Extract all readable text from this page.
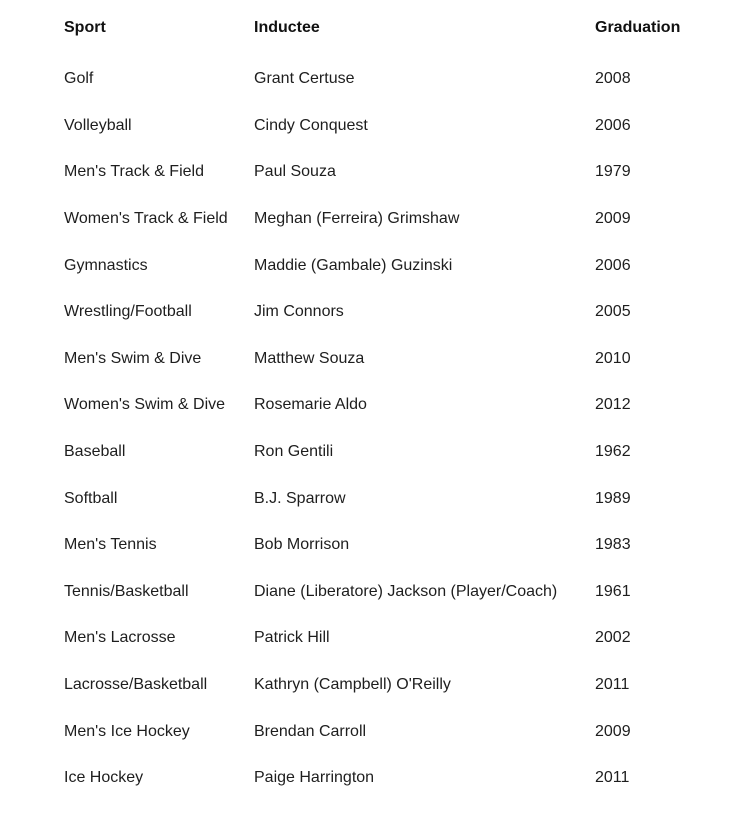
Sport	Inductee	Graduation
Golf	Grant Certuse	2008
Volleyball	Cindy Conquest	2006
Men's Track & Field	Paul Souza	1979
Women's Track & Field	Meghan (Ferreira) Grimshaw	2009
Gymnastics	Maddie (Gambale) Guzinski	2006
Wrestling/Football	Jim Connors	2005
Men's Swim & Dive	Matthew Souza	2010
Women's Swim & Dive	Rosemarie Aldo	2012
Baseball	Ron Gentili	1962
Softball	B.J. Sparrow	1989
Men's Tennis	Bob Morrison	1983
Tennis/Basketball	Diane (Liberatore) Jackson (Player/Coach)	1961
Men's Lacrosse	Patrick Hill	2002
Lacrosse/Basketball	Kathryn (Campbell) O'Reilly	2011
Men's Ice Hockey	Brendan Carroll	2009
Ice Hockey	Paige Harrington	2011
